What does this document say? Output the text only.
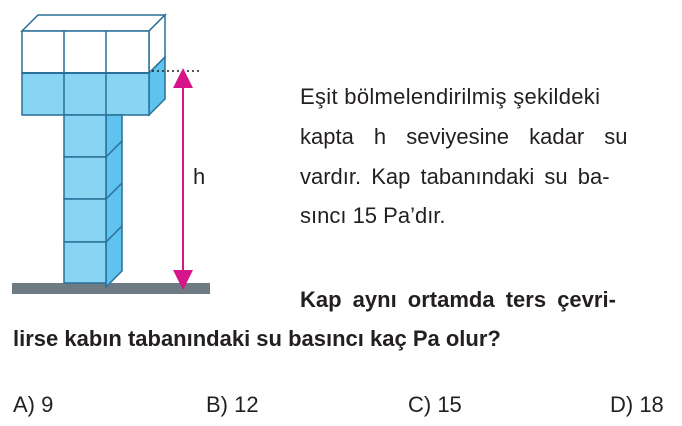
h
Eşit bölmelendirilmiş şekildeki
kapta h seviyesine kadar su
vardır. Kap tabanındaki su ba-
sıncı 15 Pa’dır.
Kap aynı ortamda ters çevri-
lirse kabın tabanındaki su basıncı kaç Pa olur?
A) 9	B) 12	C) 15	D) 18
